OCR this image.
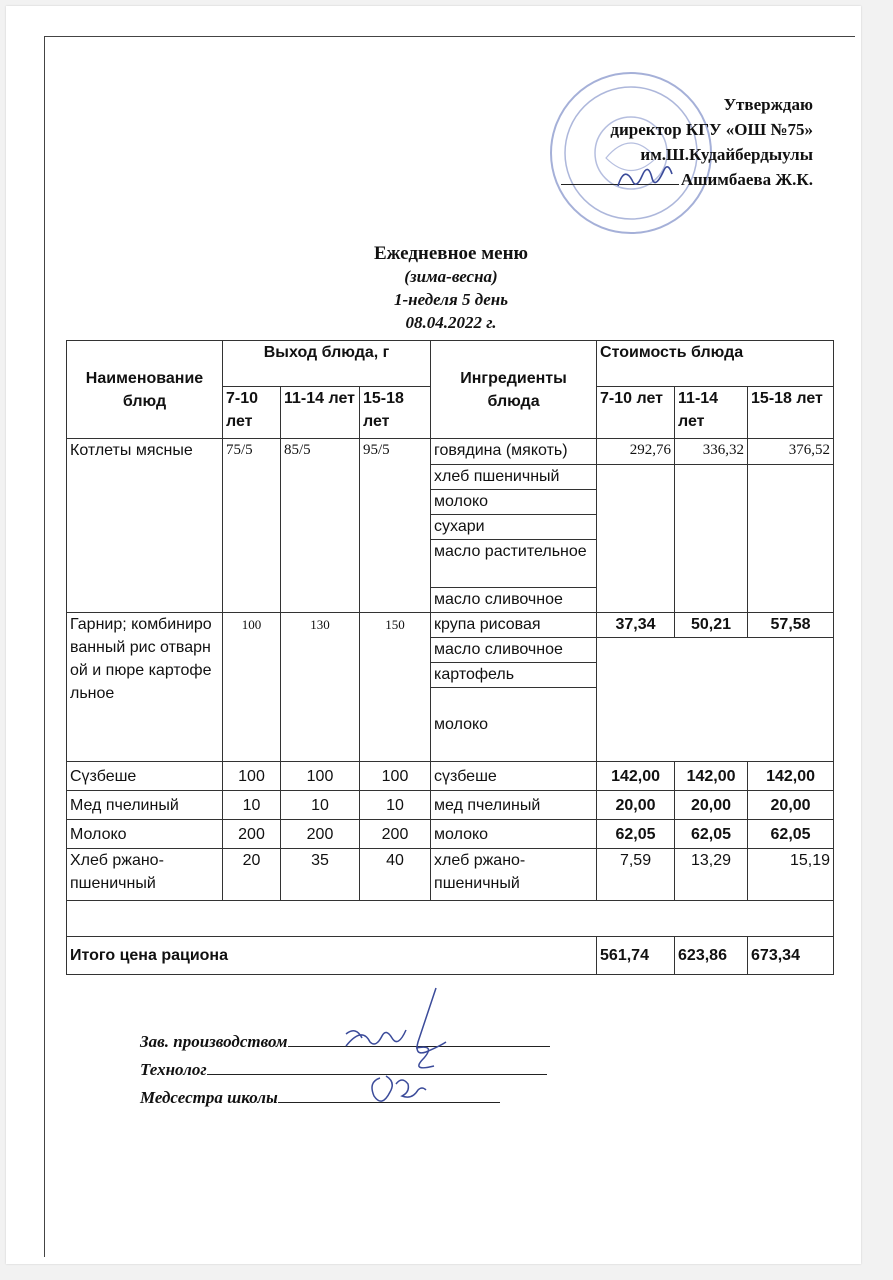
Утверждаю
директор КГУ «ОШ №75»
им.Ш.Кудайбердыулы
Ашимбаева Ж.К.
Ежедневное меню
(зима-весна)
1-неделя 5 день
08.04.2022 г.
Наименование блюд	Выход блюда, г			Ингредиенты блюда	Стоимость блюда		
	7-10 лет	11-14 лет	15-18 лет		7-10 лет	11-14 лет	15-18 лет
Котлеты мясные	75/5	85/5	95/5	говядина (мякоть)	292,76	336,32	376,52
				хлеб пшеничный			
				молоко			
				сухари			
				масло растительное			
				масло сливочное			
Гарнир; комбинированный рис отварной и пюре картофельное	100	130	150	крупа рисовая	37,34	50,21	57,58
				масло сливочное			
				картофель			
				молоко			
Сүзбеше	100	100	100	сүзбеше	142,00	142,00	142,00
Мед пчелиный	10	10	10	мед пчелиный	20,00	20,00	20,00
Молоко	200	200	200	молоко	62,05	62,05	62,05
Хлеб ржано-пшеничный	20	35	40	хлеб ржано-пшеничный	7,59	13,29	15,19

Итого цена рациона					561,74	623,86	673,34
Зав. производством
Технолог
Медсестра школы
